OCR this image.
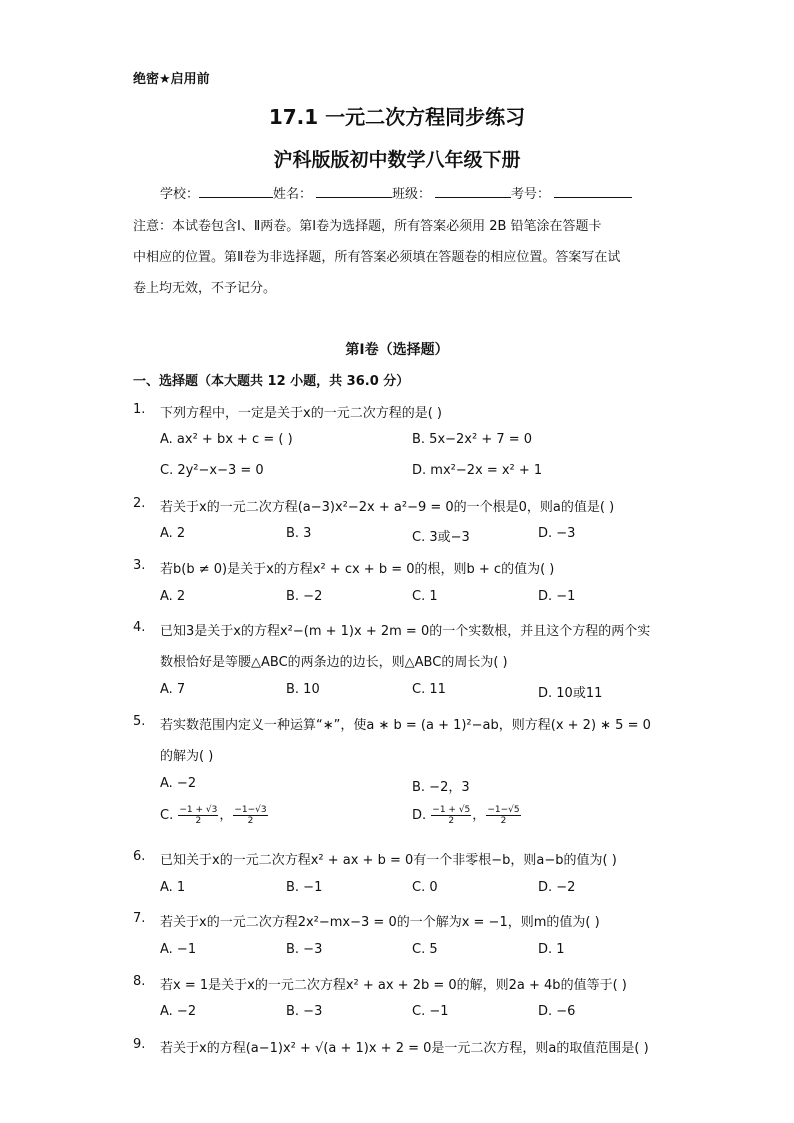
绝密★启用前
17.1 一元二次方程同步练习
沪科版版初中数学八年级下册
学校：	姓名：	班级：	考号：
注意：本试卷包含Ⅰ、Ⅱ两卷。第Ⅰ卷为选择题，所有答案必须用 2B 铅笔涂在答题卡
中相应的位置。第Ⅱ卷为非选择题，所有答案必须填在答题卷的相应位置。答案写在试
卷上均无效，不予记分。
第Ⅰ卷（选择题）
一、选择题（本大题共 12 小题，共 36.0 分）
1. 下列方程中，一定是关于x的一元二次方程的是( )
A. ax² + bx + c = ( )	B. 5x−2x² + 7 = 0
C. 2y²−x−3 = 0	D. mx²−2x = x² + 1
2. 若关于x的一元二次方程(a−3)x²−2x + a²−9 = 0的一个根是0，则a的值是( )
A. 2	B. 3	C. 3或−3	D. −3
3. 若b(b ≠ 0)是关于x的方程x² + cx + b = 0的根，则b + c的值为( )
A. 2	B. −2	C. 1	D. −1
4. 已知3是关于x的方程x²−(m + 1)x + 2m = 0的一个实数根，并且这个方程的两个实
数根恰好是等腰△ABC的两条边的边长，则△ABC的周长为( )
A. 7	B. 10	C. 11	D. 10或11
5. 若实数范围内定义一种运算“∗”，使a ∗ b = (a + 1)²−ab，则方程(x + 2) ∗ 5 = 0
的解为( )
A. −2	B. −2，3
C. $\frac{-1 + √3}{2}$ ， $\frac{-1-√3}{2}$	D. $\frac{-1 + √5}{2}$ ， $\frac{-1-√5}{2}$
6. 已知关于x的一元二次方程x² + ax + b = 0有一个非零根−b，则a−b的值为( )
A. 1	B. −1	C. 0	D. −2
7. 若关于x的一元二次方程2x²−mx−3 = 0的一个解为x = −1，则m的值为( )
A. −1	B. −3	C. 5	D. 1
8. 若x = 1是关于x的一元二次方程x² + ax + 2b = 0的解，则2a + 4b的值等于( )
A. −2	B. −3	C. −1	D. −6
9. 若关于x的方程(a−1)x² + √(a + 1)x + 2 = 0是一元二次方程，则a的取值范围是( )
